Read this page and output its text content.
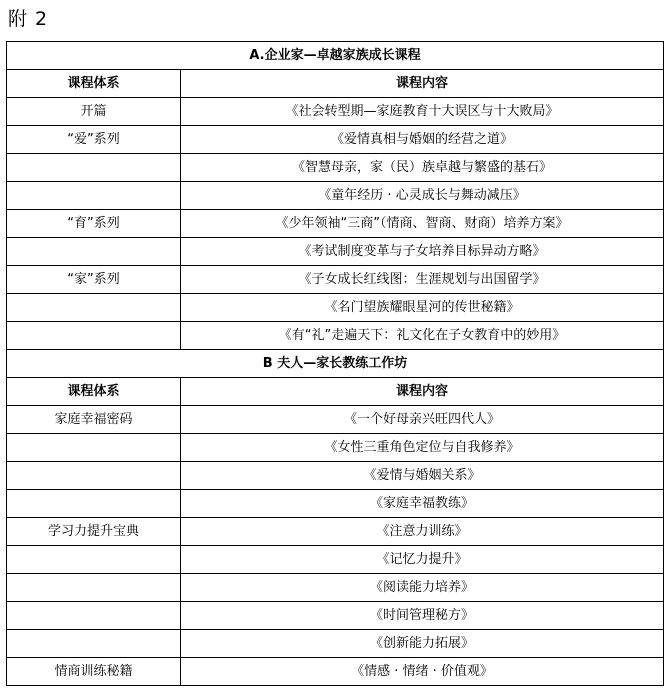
附 2
A.企业家—卓越家族成长课程	
课程体系	课程内容
开篇	《社会转型期—家庭教育十大误区与十大败局》
“爱”系列	《爱情真相与婚姻的经营之道》
	《智慧母亲，家（民）族卓越与繁盛的基石》
	《童年经历 · 心灵成长与舞动减压》
“育”系列	《少年领袖“三商”（情商、智商、财商）培养方案》
	《考试制度变革与子女培养目标异动方略》
“家”系列	《子女成长红线图：生涯规划与出国留学》
	《名门望族耀眼星河的传世秘籍》
	《有“礼”走遍天下：礼文化在子女教育中的妙用》
B 夫人—家长教练工作坊	
课程体系	课程内容
家庭幸福密码	《一个好母亲兴旺四代人》
	《女性三重角色定位与自我修养》
	《爱情与婚姻关系》
	《家庭幸福教练》
学习力提升宝典	《注意力训练》
	《记忆力提升》
	《阅读能力培养》
	《时间管理秘方》
	《创新能力拓展》
情商训练秘籍	《情感 · 情绪 · 价值观》
